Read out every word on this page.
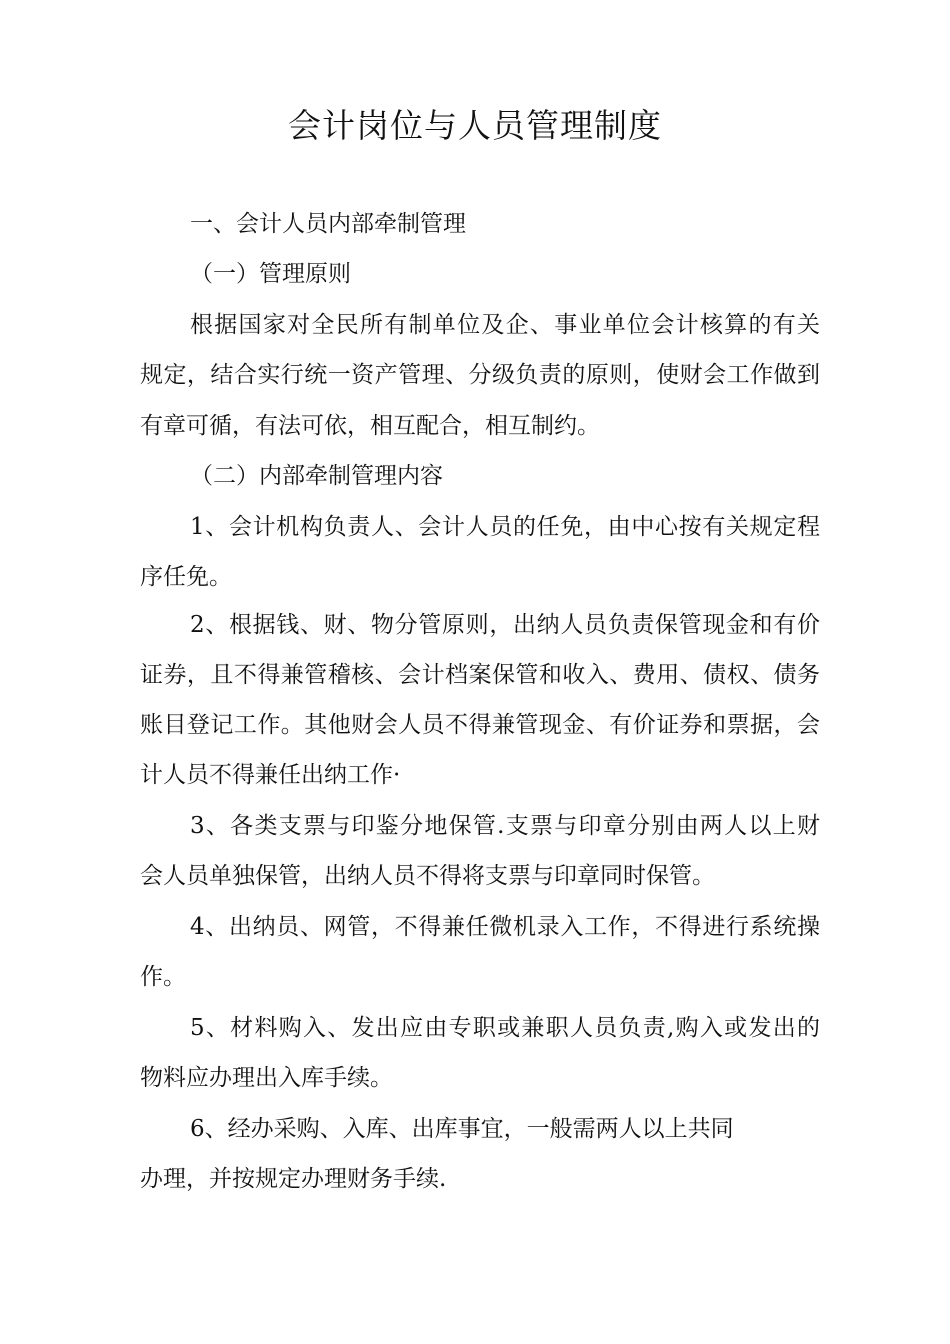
会计岗位与人员管理制度
一、会计人员内部牵制管理
（一）管理原则
根据国家对全民所有制单位及企、事业单位会计核算的有关
规定，结合实行统一资产管理、分级负责的原则，使财会工作做到
有章可循，有法可依，相互配合，相互制约。
（二）内部牵制管理内容
1、会计机构负责人、会计人员的任免，由中心按有关规定程
序任免。
2、根据钱、财、物分管原则，出纳人员负责保管现金和有价
证券，且不得兼管稽核、会计档案保管和收入、费用、债权、债务
账目登记工作。其他财会人员不得兼管现金、有价证券和票据，会
计人员不得兼任出纳工作·
3、各类支票与印鉴分地保管.支票与印章分别由两人以上财
会人员单独保管，出纳人员不得将支票与印章同时保管。
4、出纳员、网管，不得兼任微机录入工作，不得进行系统操
作。
5、材料购入、发出应由专职或兼职人员负责,购入或发出的
物料应办理出入库手续。
6、经办采购、入库、出库事宜，一般需两人以上共同
办理，并按规定办理财务手续.
